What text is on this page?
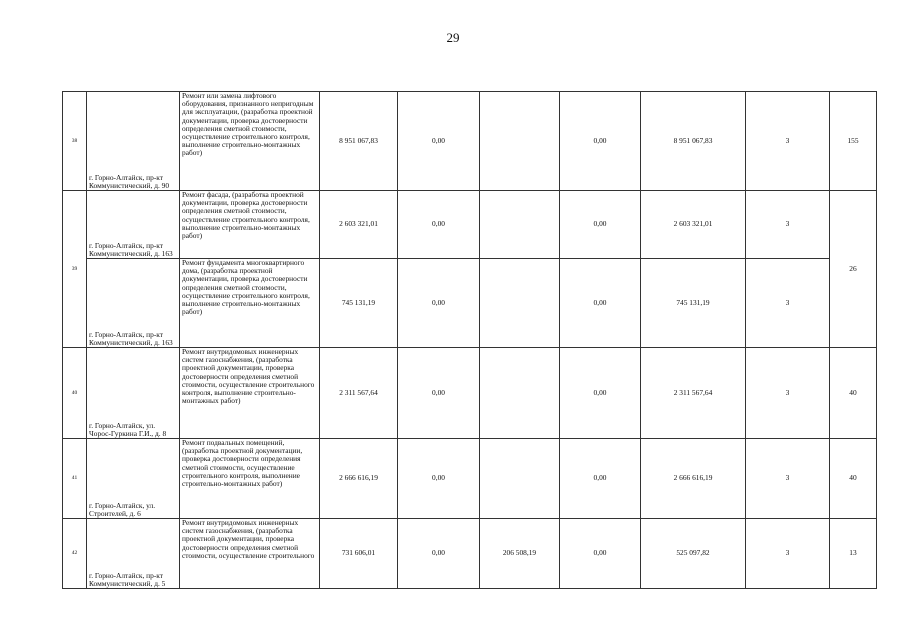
29
38	г. Горно-Алтайск, пр-кт Коммунистический, д. 90	Ремонт или замена лифтового оборудования, признанного непригодным для эксплуатации, (разработка проектной документации, проверка достоверности определения сметной стоимости, осуществление строительного контроля, выполнение строительно-монтажных работ)	8 951 067,83	0,00		0,00	8 951 067,83	3	155
39	г. Горно-Алтайск, пр-кт Коммунистический, д. 163	Ремонт фасада, (разработка проектной документации, проверка достоверности определения сметной стоимости, осуществление строительного контроля, выполнение строительно-монтажных работ)	2 603 321,01	0,00		0,00	2 603 321,01	3	26
	г. Горно-Алтайск, пр-кт Коммунистический, д. 163	Ремонт фундамента многоквартирного дома, (разработка проектной документации, проверка достоверности определения сметной стоимости, осуществление строительного контроля, выполнение строительно-монтажных работ)	745 131,19	0,00		0,00	745 131,19	3	
40	г. Горно-Алтайск, ул. Чорос-Гуркина Г.И., д. 8	Ремонт внутридомовых инженерных систем газоснабжения, (разработка проектной документации, проверка достоверности определения сметной стоимости, осуществление строительного контроля, выполнение строительно-монтажных работ)	2 311 567,64	0,00		0,00	2 311 567,64	3	40
41	г. Горно-Алтайск, ул. Строителей, д. 6	Ремонт подвальных помещений, (разработка проектной документации, проверка достоверности определения сметной стоимости, осуществление строительного контроля, выполнение строительно-монтажных работ)	2 666 616,19	0,00		0,00	2 666 616,19	3	40
42	г. Горно-Алтайск, пр-кт Коммунистический, д. 5	Ремонт внутридомовых инженерных систем газоснабжения, (разработка проектной документации, проверка достоверности определения сметной стоимости, осуществление строительного	731 606,01	0,00	206 508,19	0,00	525 097,82	3	13
